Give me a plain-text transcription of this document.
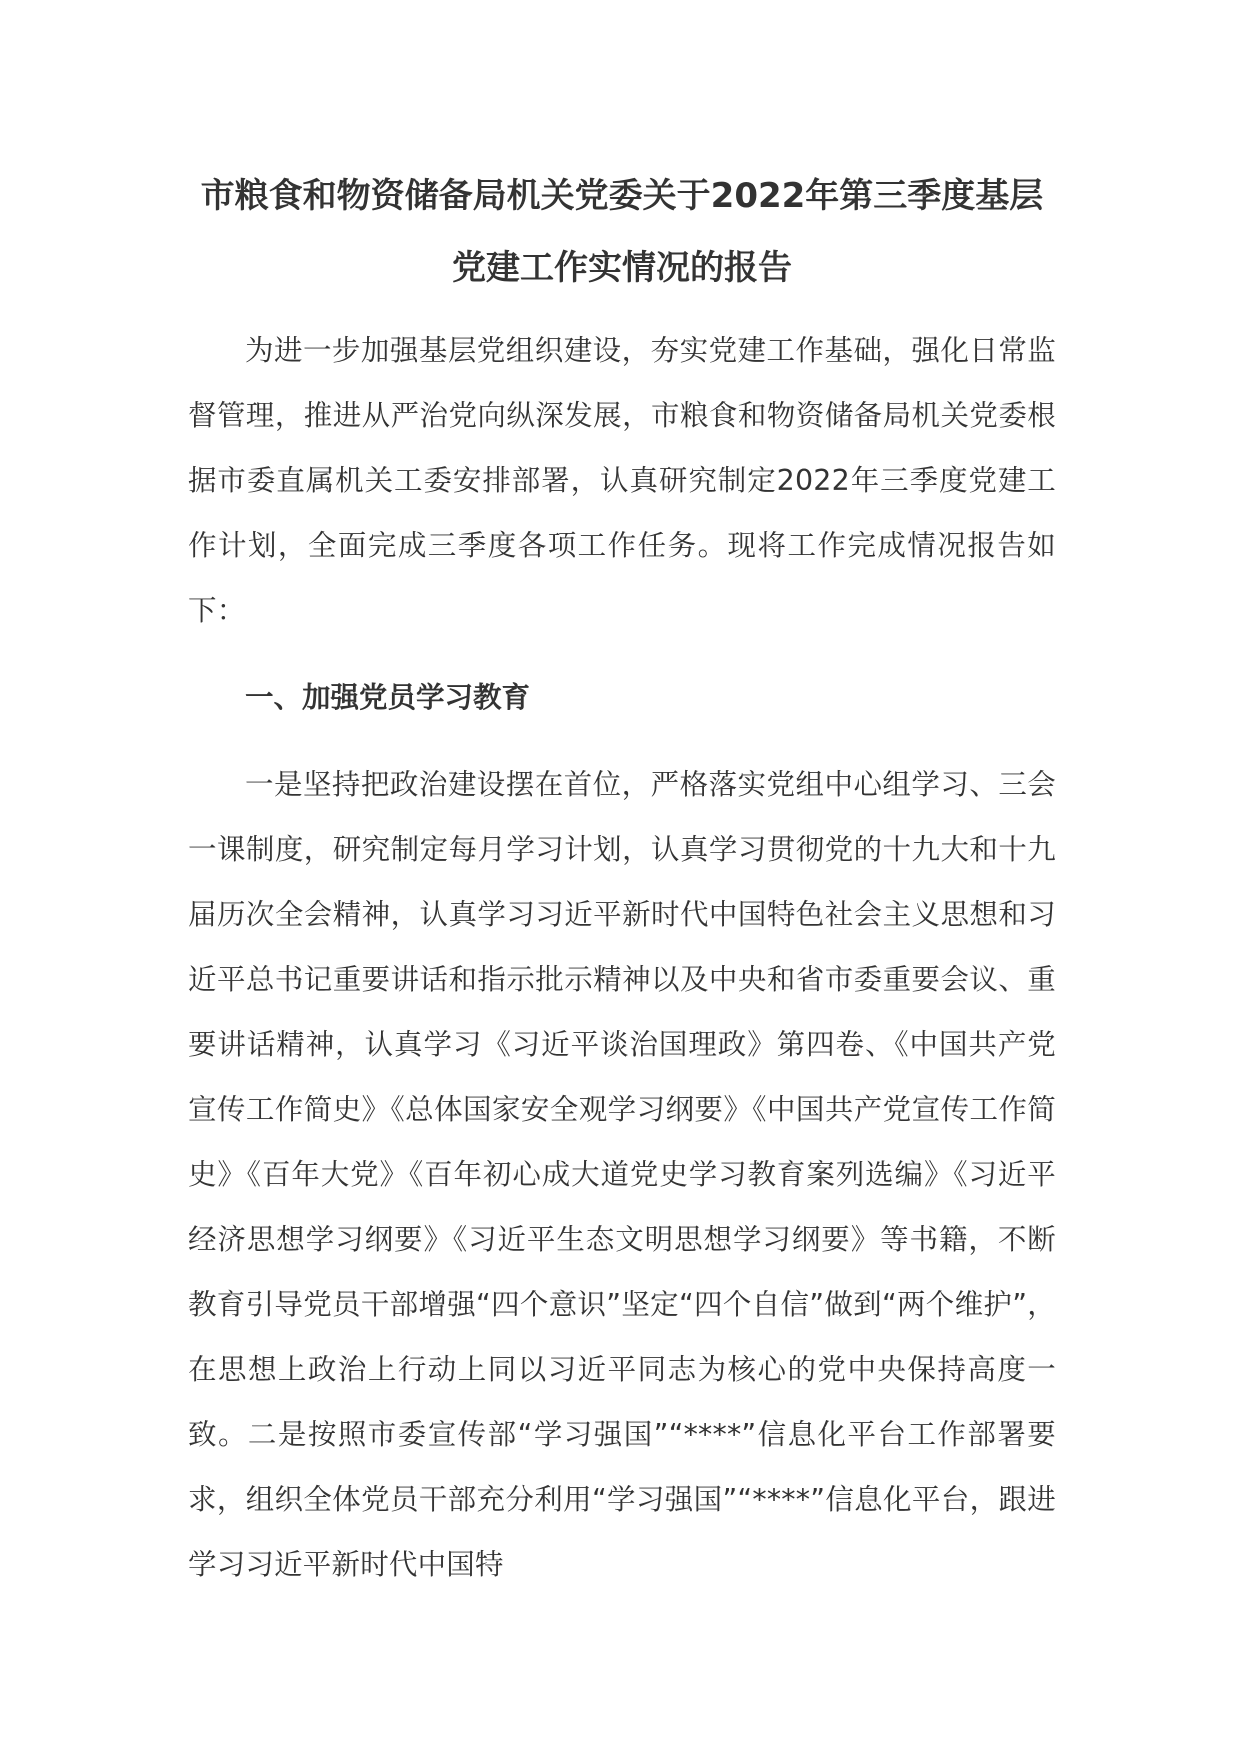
市粮食和物资储备局机关党委关于2022年第三季度基层
党建工作实情况的报告

为进一步加强基层党组织建设，夯实党建工作基础，强化日常监督管理，推进从严治党向纵深发展，市粮食和物资储备局机关党委根据市委直属机关工委安排部署，认真研究制定2022年三季度党建工作计划，全面完成三季度各项工作任务。现将工作完成情况报告如下：

一、加强党员学习教育

一是坚持把政治建设摆在首位，严格落实党组中心组学习、三会一课制度，研究制定每月学习计划，认真学习贯彻党的十九大和十九届历次全会精神，认真学习习近平新时代中国特色社会主义思想和习近平总书记重要讲话和指示批示精神以及中央和省市委重要会议、重要讲话精神，认真学习《习近平谈治国理政》第四卷、《中国共产党宣传工作简史》《总体国家安全观学习纲要》《中国共产党宣传工作简史》《百年大党》《百年初心成大道党史学习教育案列选编》《习近平经济思想学习纲要》《习近平生态文明思想学习纲要》等书籍，不断教育引导党员干部增强“四个意识”坚定“四个自信”做到“两个维护”，在思想上政治上行动上同以习近平同志为核心的党中央保持高度一致。二是按照市委宣传部“学习强国”“****”信息化平台工作部署要求，组织全体党员干部充分利用“学习强国”“****”信息化平台，跟进学习习近平新时代中国特
